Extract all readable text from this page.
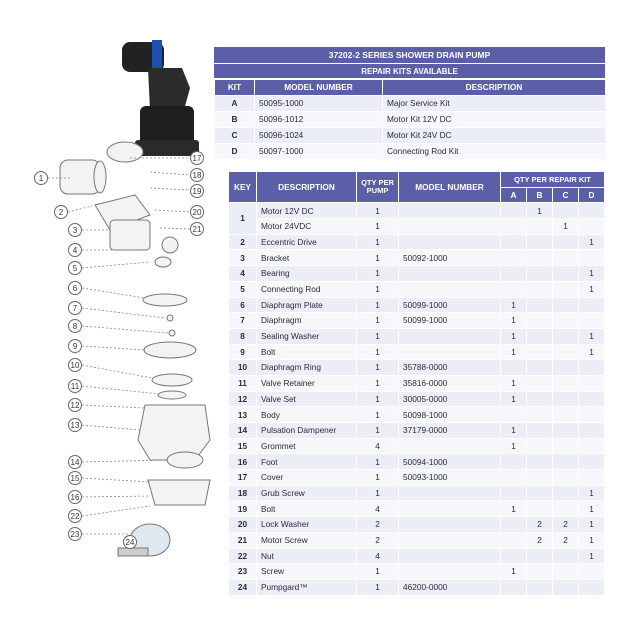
1
2
3
4
5
6
7
8
9
10
11
12
13
14
15
16
22
23
24
17
18
19
20
21
37202-2 SERIES SHOWER DRAIN PUMP
REPAIR KITS AVAILABLE
KIT	MODEL NUMBER	DESCRIPTION
A	50095-1000	Major Service Kit
B	50096-1012	Motor Kit 12V DC
C	50096-1024	Motor Kit 24V DC
D	50097-1000	Connecting Rod Kit
KEY	DESCRIPTION	QTY PER PUMP	MODEL NUMBER	QTY PER REPAIR KIT			
				A	B	C	D
1	Motor 12V DC	1			1		
	Motor 24VDC	1				1	
2	Eccentric Drive	1					1
3	Bracket	1	50092-1000				
4	Bearing	1					1
5	Connecting Rod	1					1
6	Diaphragm Plate	1	50099-1000	1			
7	Diaphragm	1	50099-1000	1			
8	Sealing Washer	1		1			1
9	Bolt	1		1			1
10	Diaphragm Ring	1	35788-0000				
11	Valve Retainer	1	35816-0000	1			
12	Valve Set	1	30005-0000	1			
13	Body	1	50098-1000				
14	Pulsation Dampener	1	37179-0000	1			
15	Grommet	4		1			
16	Foot	1	50094-1000				
17	Cover	1	50093-1000				
18	Grub Screw	1					1
19	Bolt	4		1			1
20	Lock Washer	2			2	2	1
21	Motor Screw	2			2	2	1
22	Nut	4					1
23	Screw	1		1			
24	Pumpgard™	1	46200-0000				
